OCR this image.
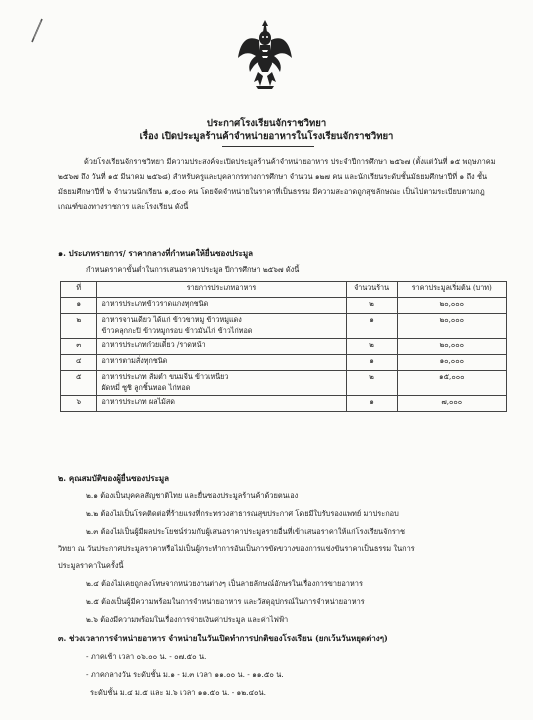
ประกาศโรงเรียนจักราชวิทยา
เรื่อง เปิดประมูลร้านค้าจำหน่ายอาหารในโรงเรียนจักราชวิทยา
ด้วยโรงเรียนจักราชวิทยา มีความประสงค์จะเปิดประมูลร้านค้าจำหน่ายอาหาร ประจำปีการศึกษา ๒๕๖๗ (ตั้งแต่วันที่ ๑๕ พฤษภาคม ๒๕๖๗ ถึง วันที่ ๑๕ มีนาคม ๒๕๖๘) สำหรับครูและบุคลากรทางการศึกษา จำนวน ๑๒๗ คน และนักเรียนระดับชั้นมัธยมศึกษาปีที่ ๑ ถึง ชั้นมัธยมศึกษาปีที่ ๖ จำนวนนักเรียน ๑,๕๐๐ คน โดยจัดจำหน่ายในราคาที่เป็นธรรม มีความสะอาดถูกสุขลักษณะ เป็นไปตามระเบียบตามกฎเกณฑ์ของทางราชการ และโรงเรียน ดังนี้
๑. ประเภทรายการ/ ราคากลางที่กำหนดให้ยื่นซองประมูล
กำหนดราคาขั้นต่ำในการเสนอราคาประมูล ปีการศึกษา ๒๕๖๗ ดังนี้
ที่	รายการประเภทอาหาร	จำนวนร้าน	ราคาประมูลเริ่มต้น (บาท)
๑	อาหารประเภทข้าวราดแกงทุกชนิด	๒	๒๐,๐๐๐
๒	อาหารจานเดียว ได้แก่ ข้าวขาหมู ข้าวหมูแดง
ข้าวคลุกกะปิ ข้าวหมูกรอบ ข้าวมันไก่ ข้าวไก่ทอด	๑	๒๐,๐๐๐
๓	อาหารประเภทก๋วยเตี๋ยว /ราดหน้า	๒	๒๐,๐๐๐
๔	อาหารตามสั่งทุกชนิด	๑	๑๐,๐๐๐
๕	อาหารประเภท ส้มตำ ขนมจีน ข้าวเหนียว
ผัดหมี่ ซูชิ ลูกชิ้นทอด ไก่ทอด	๒	๑๕,๐๐๐
๖	อาหารประเภท ผลไม้สด	๑	๗,๐๐๐
๒. คุณสมบัติของผู้ยื่นซองประมูล
๒.๑ ต้องเป็นบุคคลสัญชาติไทย และยื่นซองประมูลร้านค้าด้วยตนเอง
๒.๒ ต้องไม่เป็นโรคติดต่อที่ร้ายแรงที่กระทรวงสาธารณสุขประกาศ โดยมีใบรับรองแพทย์ มาประกอบ
๒.๓ ต้องไม่เป็นผู้มีผลประโยชน์ร่วมกับผู้เสนอราคาประมูลรายอื่นที่เข้าเสนอราคาให้แก่โรงเรียนจักราช
วิทยา ณ วันประกาศประมูลราคาหรือไม่เป็นผู้กระทำการอันเป็นการขัดขวางของการแข่งขันราคาเป็นธรรม ในการ
ประมูลราคาในครั้งนี้
๒.๔ ต้องไม่เคยถูกลงโทษจากหน่วยงานต่างๆ เป็นลายลักษณ์อักษรในเรื่องการขายอาหาร
๒.๕ ต้องเป็นผู้มีความพร้อมในการจำหน่ายอาหาร และวัสดุอุปกรณ์ในการจำหน่ายอาหาร
๒.๖ ต้องมีความพร้อมในเรื่องการจ่ายเงินค่าประมูล และค่าไฟฟ้า
๓. ช่วงเวลาการจำหน่ายอาหาร จำหน่ายในวันเปิดทำการปกติของโรงเรียน (ยกเว้นวันหยุดต่างๆ)
- ภาคเช้า เวลา ๐๖.๐๐ น. - ๐๗.๕๐ น.
- ภาคกลางวัน ระดับชั้น ม.๑ - ม.๓ เวลา ๑๑.๐๐ น. - ๑๑.๕๐ น.
ระดับชั้น ม.๔ ม.๕ และ ม.๖ เวลา ๑๑.๕๐ น. - ๑๒.๔๐น.
